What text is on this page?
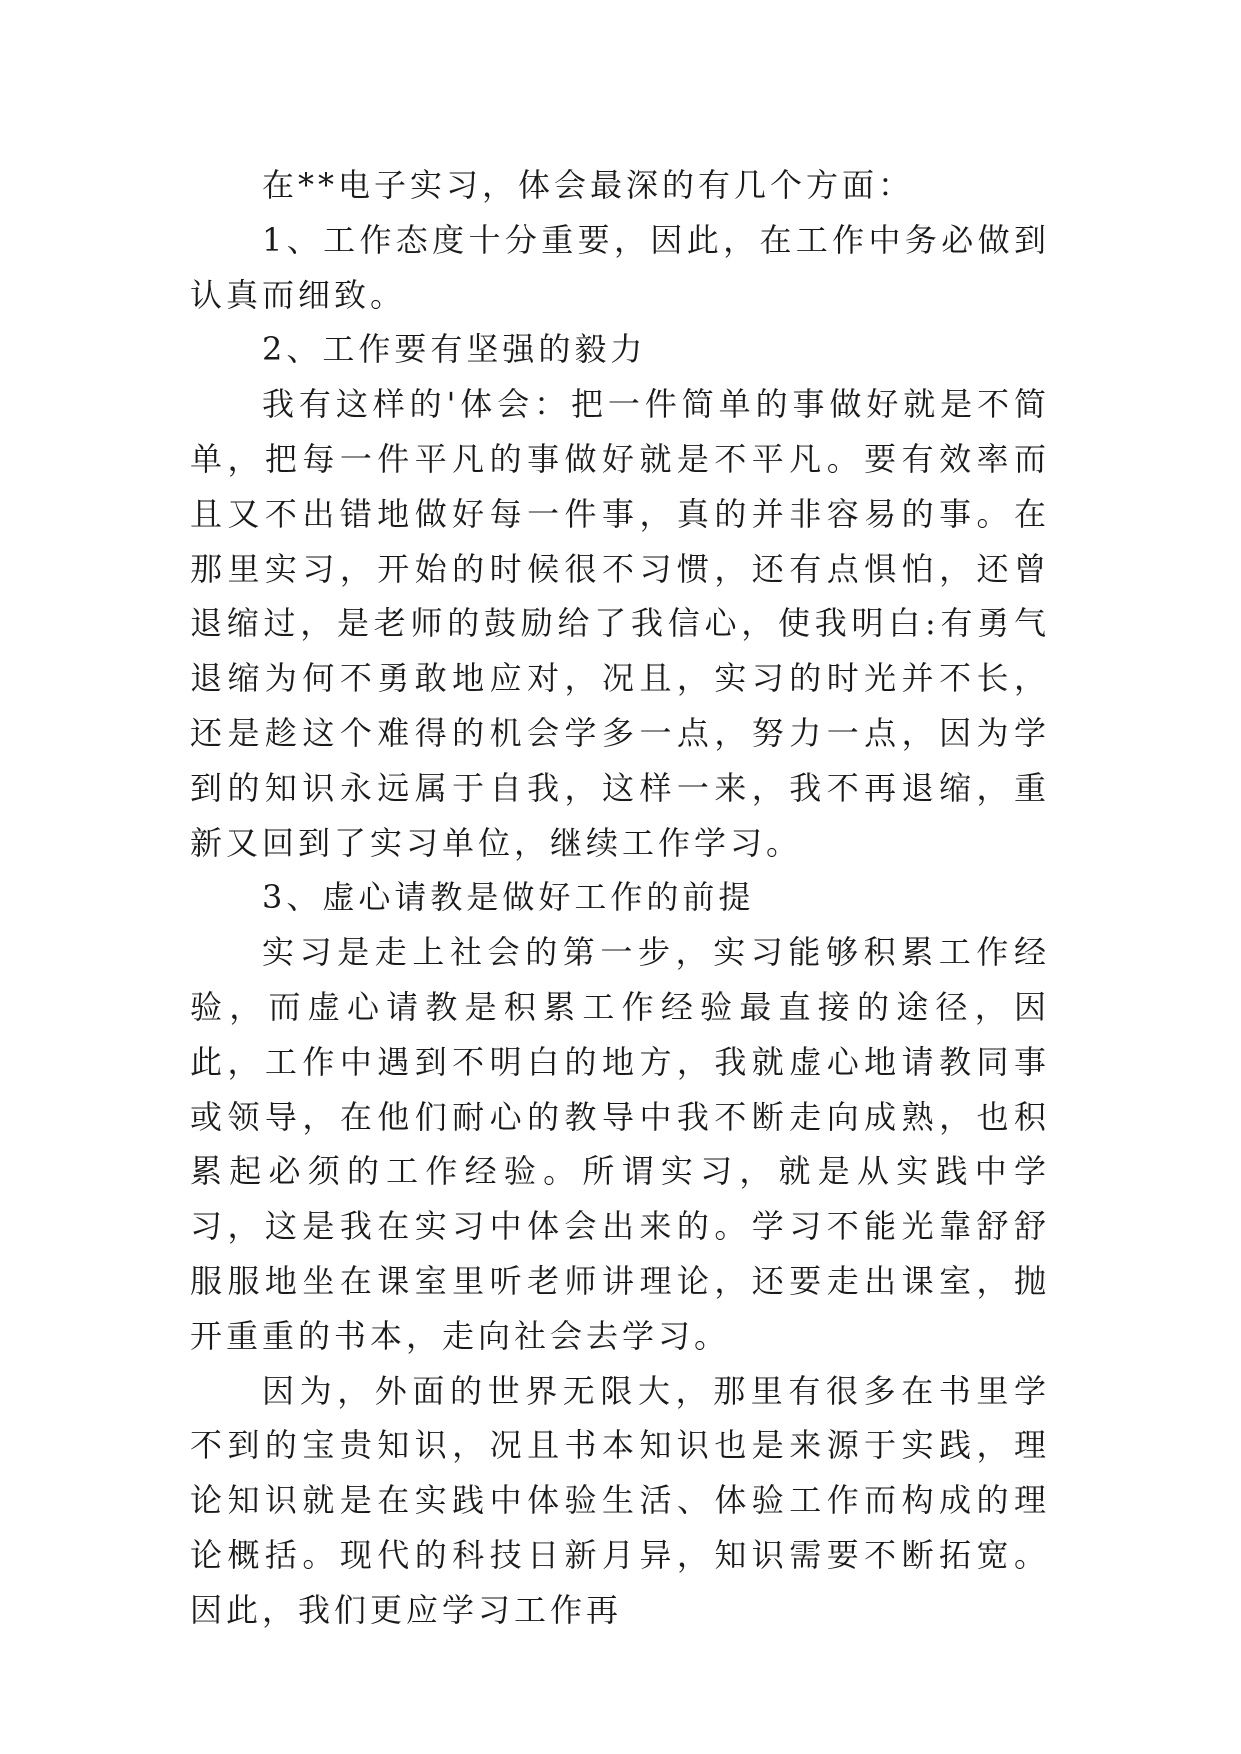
在**电子实习，体会最深的有几个方面：

1、工作态度十分重要，因此，在工作中务必做到认真而细致。

2、工作要有坚强的毅力

我有这样的'体会：把一件简单的事做好就是不简单，把每一件平凡的事做好就是不平凡。要有效率而且又不出错地做好每一件事，真的并非容易的事。在那里实习，开始的时候很不习惯，还有点惧怕，还曾退缩过，是老师的鼓励给了我信心，使我明白:有勇气退缩为何不勇敢地应对，况且，实习的时光并不长，还是趁这个难得的机会学多一点，努力一点，因为学到的知识永远属于自我，这样一来，我不再退缩，重新又回到了实习单位，继续工作学习。

3、虚心请教是做好工作的前提

实习是走上社会的第一步，实习能够积累工作经验，而虚心请教是积累工作经验最直接的途径，因此，工作中遇到不明白的地方，我就虚心地请教同事或领导，在他们耐心的教导中我不断走向成熟，也积累起必须的工作经验。所谓实习，就是从实践中学习，这是我在实习中体会出来的。学习不能光靠舒舒服服地坐在课室里听老师讲理论，还要走出课室，抛开重重的书本，走向社会去学习。

因为，外面的世界无限大，那里有很多在书里学不到的宝贵知识，况且书本知识也是来源于实践，理论知识就是在实践中体验生活、体验工作而构成的理论概括。现代的科技日新月异，知识需要不断拓宽。因此，我们更应学习工作再
